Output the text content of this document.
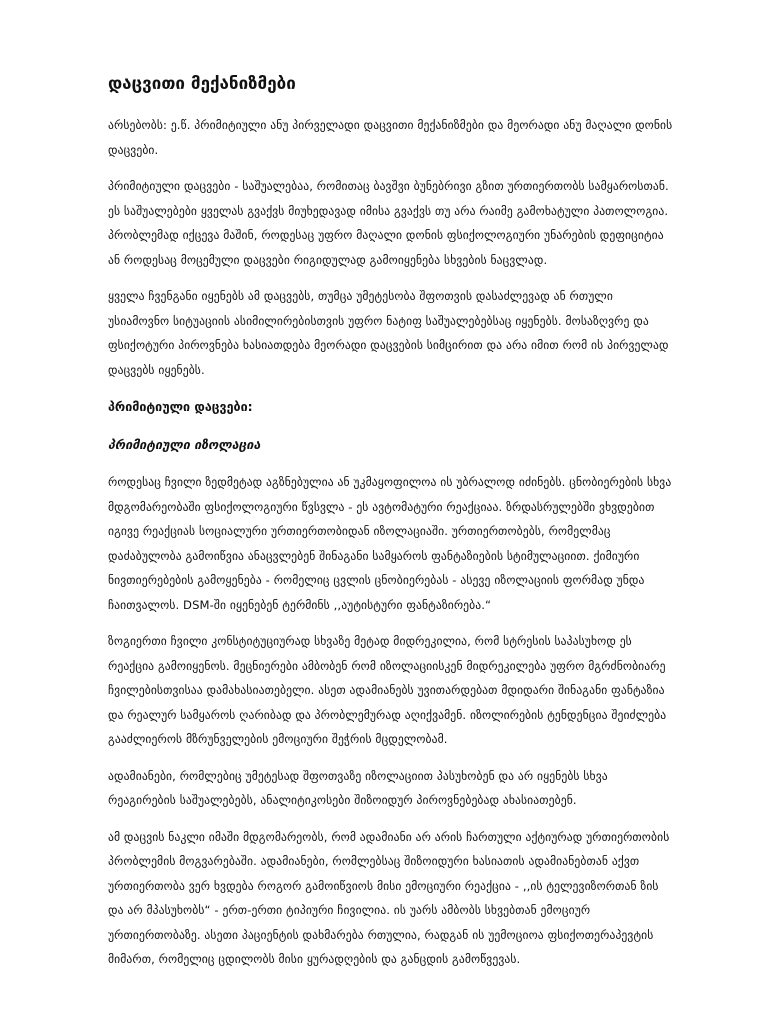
დაცვითი მექანიზმები

არსებობს: ე.წ. პრიმიტიული ანუ პირველადი დაცვითი მექანიზმები და მეორადი ანუ მაღალი დონის დაცვები.

პრიმიტიული დაცვები - საშუალებაა, რომითაც ბავშვი ბუნებრივი გზით ურთიერთობს სამყაროსთან. ეს საშუალებები ყველას გვაქვს მიუხედავად იმისა გვაქვს თუ არა რაიმე გამოხატული პათოლოგია. პრობლემად იქცევა მაშინ, როდესაც უფრო მაღალი დონის ფსიქოლოგიური უნარების დეფიციტია ან როდესაც მოცემული დაცვები რიგიდულად გამოიყენება სხვების ნაცვლად.

ყველა ჩვენგანი იყენებს ამ დაცვებს, თუმცა უმეტესობა შფოთვის დასაძლევად ან რთული უსიამოვნო სიტუაციის ასიმილირებისთვის უფრო ნატიფ საშუალებებსაც იყენებს. მოსაზღვრე და ფსიქოტური პიროვნება ხასიათდება მეორადი დაცვების სიმცირით და არა იმით რომ ის პირველად დაცვებს იყენებს.

პრიმიტიული დაცვები:
პრიმიტიული იზოლაცია

როდესაც ჩვილი ზედმეტად აგზნებულია ან უკმაყოფილოა ის უბრალოდ იძინებს. ცნობიერების სხვა მდგომარეობაში ფსიქოლოგიური წვსვლა - ეს ავტომატური რეაქციაა. ზრდასრულებში ვხვდებით იგივე რეაქციას სოციალური ურთიერთობიდან იზოლაციაში. ურთიერთობებს, რომელმაც დაძაბულობა გამოიწვია ანაცვლებენ შინაგანი სამყაროს ფანტაზიების სტიმულაციით. ქიმიური ნივთიერებების გამოყენება - რომელიც ცვლის ცნობიერებას - ასევე იზოლაციის ფორმად უნდა ჩაითვალოს. DSM-ში იყენებენ ტერმინს ,,აუტისტური ფანტაზირება.“

ზოგიერთი ჩვილი კონსტიტუციურად სხვაზე მეტად მიდრეკილია, რომ სტრესის საპასუხოდ ეს რეაქცია გამოიყენოს. მეცნიერები ამბობენ რომ იზოლაციისკენ მიდრეკილება უფრო მგრძნობიარე ჩვილებისთვისაა დამახასიათებელი. ასეთ ადამიანებს უვითარდებათ მდიდარი შინაგანი ფანტაზია და რეალურ სამყაროს ღარიბად და პრობლემურად აღიქვამენ. იზოლირების ტენდენცია შეიძლება გააძლიეროს მზრუნველების ემოციური შეჭრის მცდელობამ.

ადამიანები, რომლებიც უმეტესად შფოთვაზე იზოლაციით პასუხობენ და არ იყენებს სხვა რეაგირების საშუალებებს, ანალიტიკოსები შიზოიდურ პიროვნებებად ახასიათებენ.

ამ დაცვის ნაკლი იმაში მდგომარეობს, რომ ადამიანი არ არის ჩართული აქტიურად ურთიერთობის პრობლემის მოგვარებაში. ადამიანები, რომლებსაც შიზოიდური ხასიათის ადამიანებთან აქვთ ურთიერთობა ვერ ხვდება როგორ გამოიწვიოს მისი ემოციური რეაქცია - ,,ის ტელევიზორთან ზის და არ მპასუხობს“ - ერთ-ერთი ტიპიური ჩივილია. ის უარს ამბობს სხვებთან ემოციურ ურთიერთობაზე. ასეთი პაციენტის დახმარება რთულია, რადგან ის უემოციოა ფსიქოთერაპევტის მიმართ, რომელიც ცდილობს მისი ყურადღების და განცდის გამოწვევას.
